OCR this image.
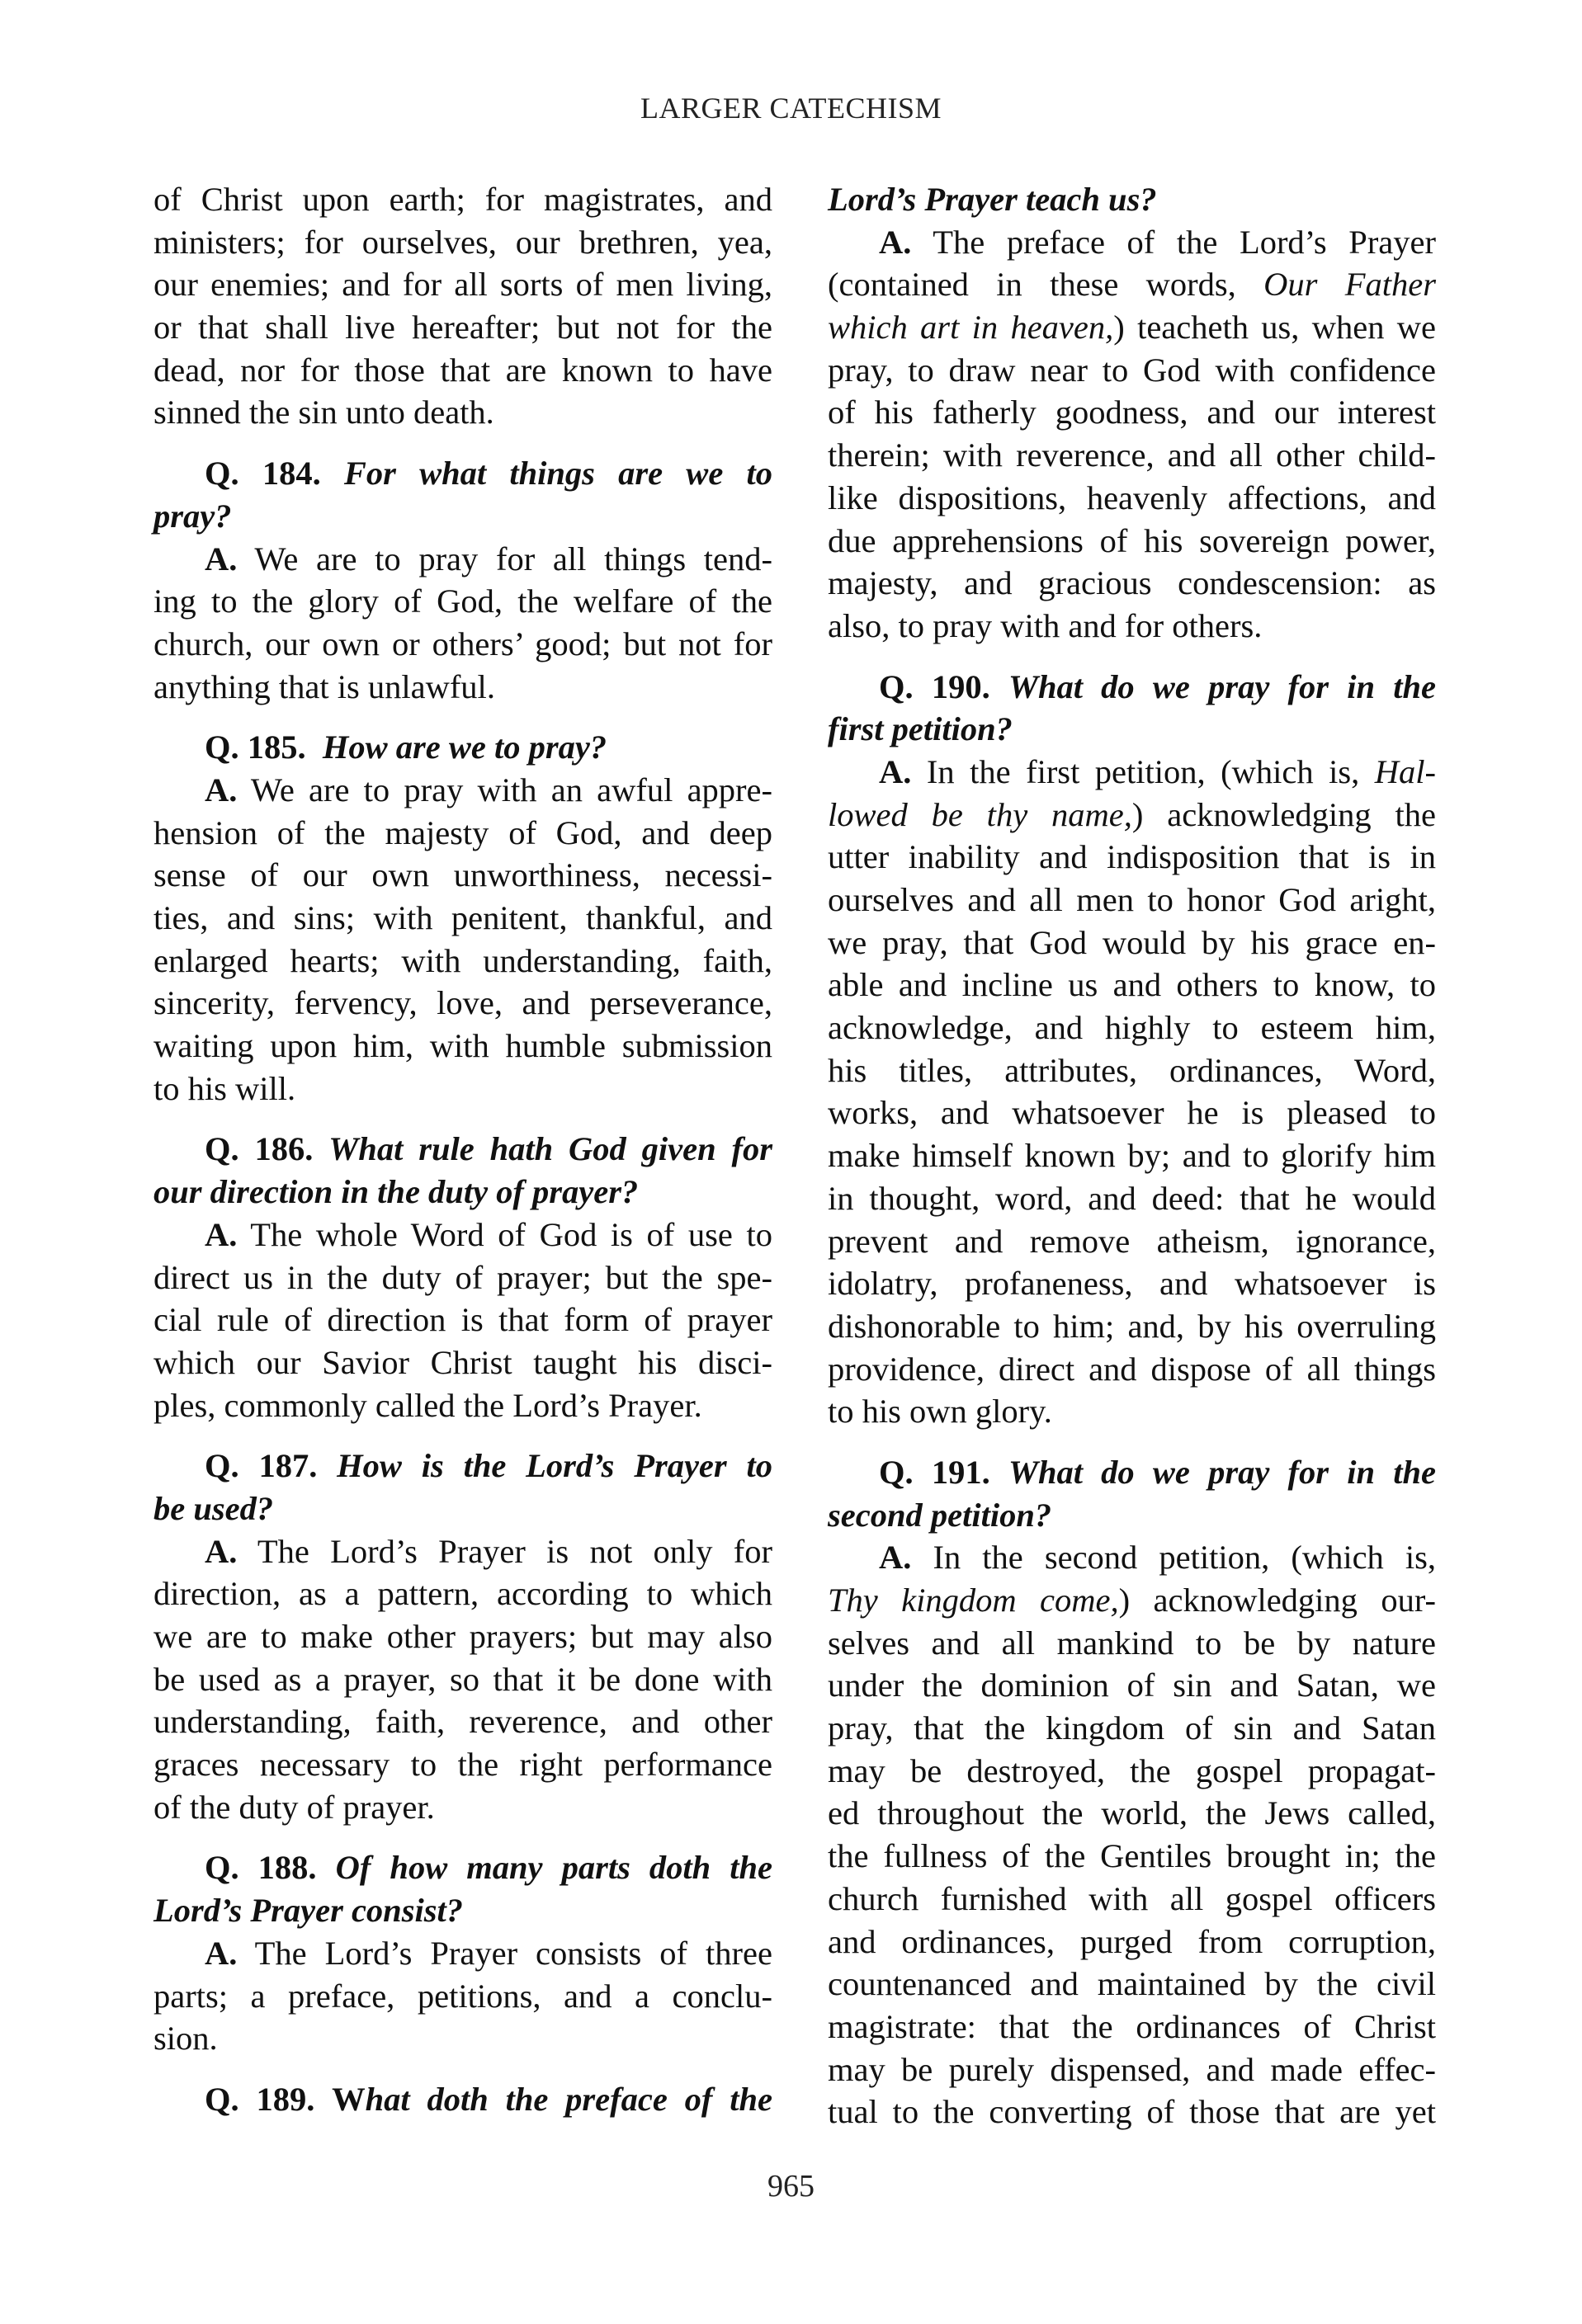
LARGER CATECHISM
of Christ upon earth; for magistrates, and
ministers; for ourselves, our brethren, yea,
our enemies; and for all sorts of men living,
or that shall live hereafter; but not for the
dead, nor for those that are known to have
sinned the sin unto death.
Q. 184. For what things are we to
pray?
A. We are to pray for all things tend-
ing to the glory of God, the welfare of the
church, our own or others’ good; but not for
anything that is unlawful.
Q. 185. How are we to pray?
A. We are to pray with an awful appre-
hension of the majesty of God, and deep
sense of our own unworthiness, necessi-
ties, and sins; with penitent, thankful, and
enlarged hearts; with understanding, faith,
sincerity, fervency, love, and perseverance,
waiting upon him, with humble submission
to his will.
Q. 186. What rule hath God given for
our direction in the duty of prayer?
A. The whole Word of God is of use to
direct us in the duty of prayer; but the spe-
cial rule of direction is that form of prayer
which our Savior Christ taught his disci-
ples, commonly called the Lord’s Prayer.
Q. 187. How is the Lord’s Prayer to
be used?
A. The Lord’s Prayer is not only for
direction, as a pattern, according to which
we are to make other prayers; but may also
be used as a prayer, so that it be done with
understanding, faith, reverence, and other
graces necessary to the right performance
of the duty of prayer.
Q. 188. Of how many parts doth the
Lord’s Prayer consist?
A. The Lord’s Prayer consists of three
parts; a preface, petitions, and a conclu-
sion.
Q. 189. What doth the preface of the
Lord’s Prayer teach us?
A. The preface of the Lord’s Prayer
(contained in these words, Our Father
which art in heaven,) teacheth us, when we
pray, to draw near to God with confidence
of his fatherly goodness, and our interest
therein; with reverence, and all other child-
like dispositions, heavenly affections, and
due apprehensions of his sovereign power,
majesty, and gracious condescension: as
also, to pray with and for others.
Q. 190. What do we pray for in the
first petition?
A. In the first petition, (which is, Hal-
lowed be thy name,) acknowledging the
utter inability and indisposition that is in
ourselves and all men to honor God aright,
we pray, that God would by his grace en-
able and incline us and others to know, to
acknowledge, and highly to esteem him,
his titles, attributes, ordinances, Word,
works, and whatsoever he is pleased to
make himself known by; and to glorify him
in thought, word, and deed: that he would
prevent and remove atheism, ignorance,
idolatry, profaneness, and whatsoever is
dishonorable to him; and, by his overruling
providence, direct and dispose of all things
to his own glory.
Q. 191. What do we pray for in the
second petition?
A. In the second petition, (which is,
Thy kingdom come,) acknowledging our-
selves and all mankind to be by nature
under the dominion of sin and Satan, we
pray, that the kingdom of sin and Satan
may be destroyed, the gospel propagat-
ed throughout the world, the Jews called,
the fullness of the Gentiles brought in; the
church furnished with all gospel officers
and ordinances, purged from corruption,
countenanced and maintained by the civil
magistrate: that the ordinances of Christ
may be purely dispensed, and made effec-
tual to the converting of those that are yet
965
